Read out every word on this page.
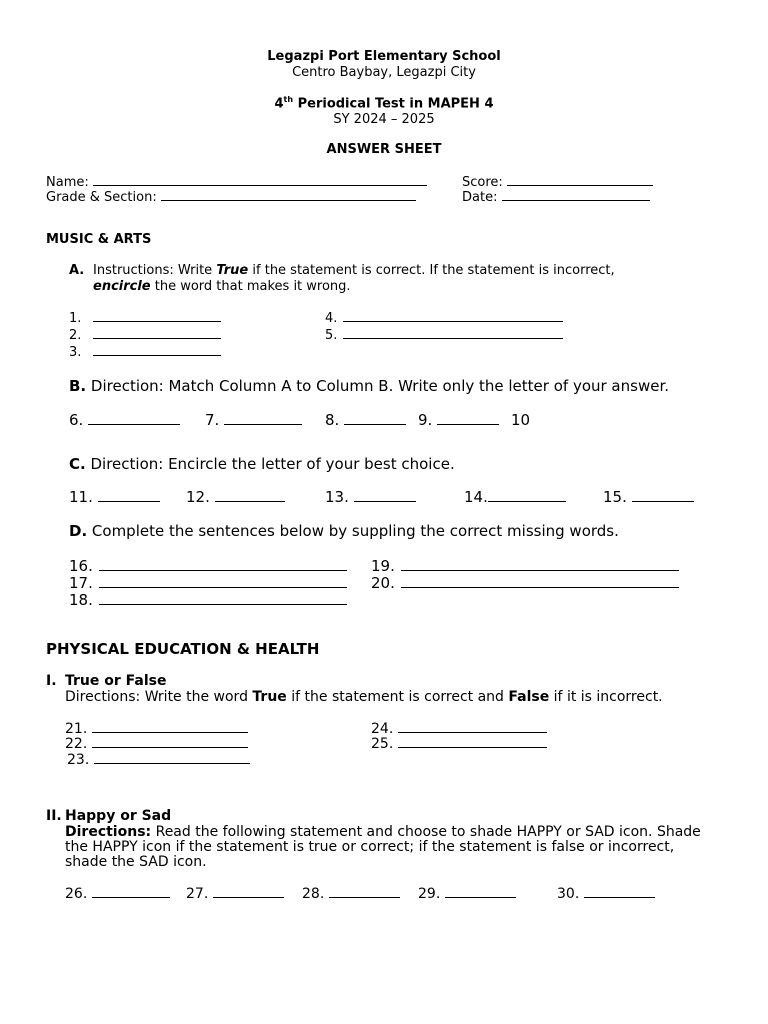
Legazpi Port Elementary School
Centro Baybay, Legazpi City
4th Periodical Test in MAPEH 4
SY 2024 – 2025
ANSWER SHEET
Name:
Grade & Section:
Score:
Date:
MUSIC & ARTS
A. Instructions: Write True if the statement is correct. If the statement is incorrect,
encircle the word that makes it wrong.
1.
2.
3.
4.
5.
B. Direction: Match Column A to Column B. Write only the letter of your answer.
6.	7.	8.	9.	10
C. Direction: Encircle the letter of your best choice.
11.	12.	13.	14.	15.
D. Complete the sentences below by suppling the correct missing words.
16.
17.
18.
19.
20.
PHYSICAL EDUCATION & HEALTH
I. True or False
Directions: Write the word True if the statement is correct and False if it is incorrect.
21.
22.
23.
24.
25.
II. Happy or Sad
Directions: Read the following statement and choose to shade HAPPY or SAD icon. Shade
the HAPPY icon if the statement is true or correct; if the statement is false or incorrect,
shade the SAD icon.
26.	27.	28.	29.	30.
